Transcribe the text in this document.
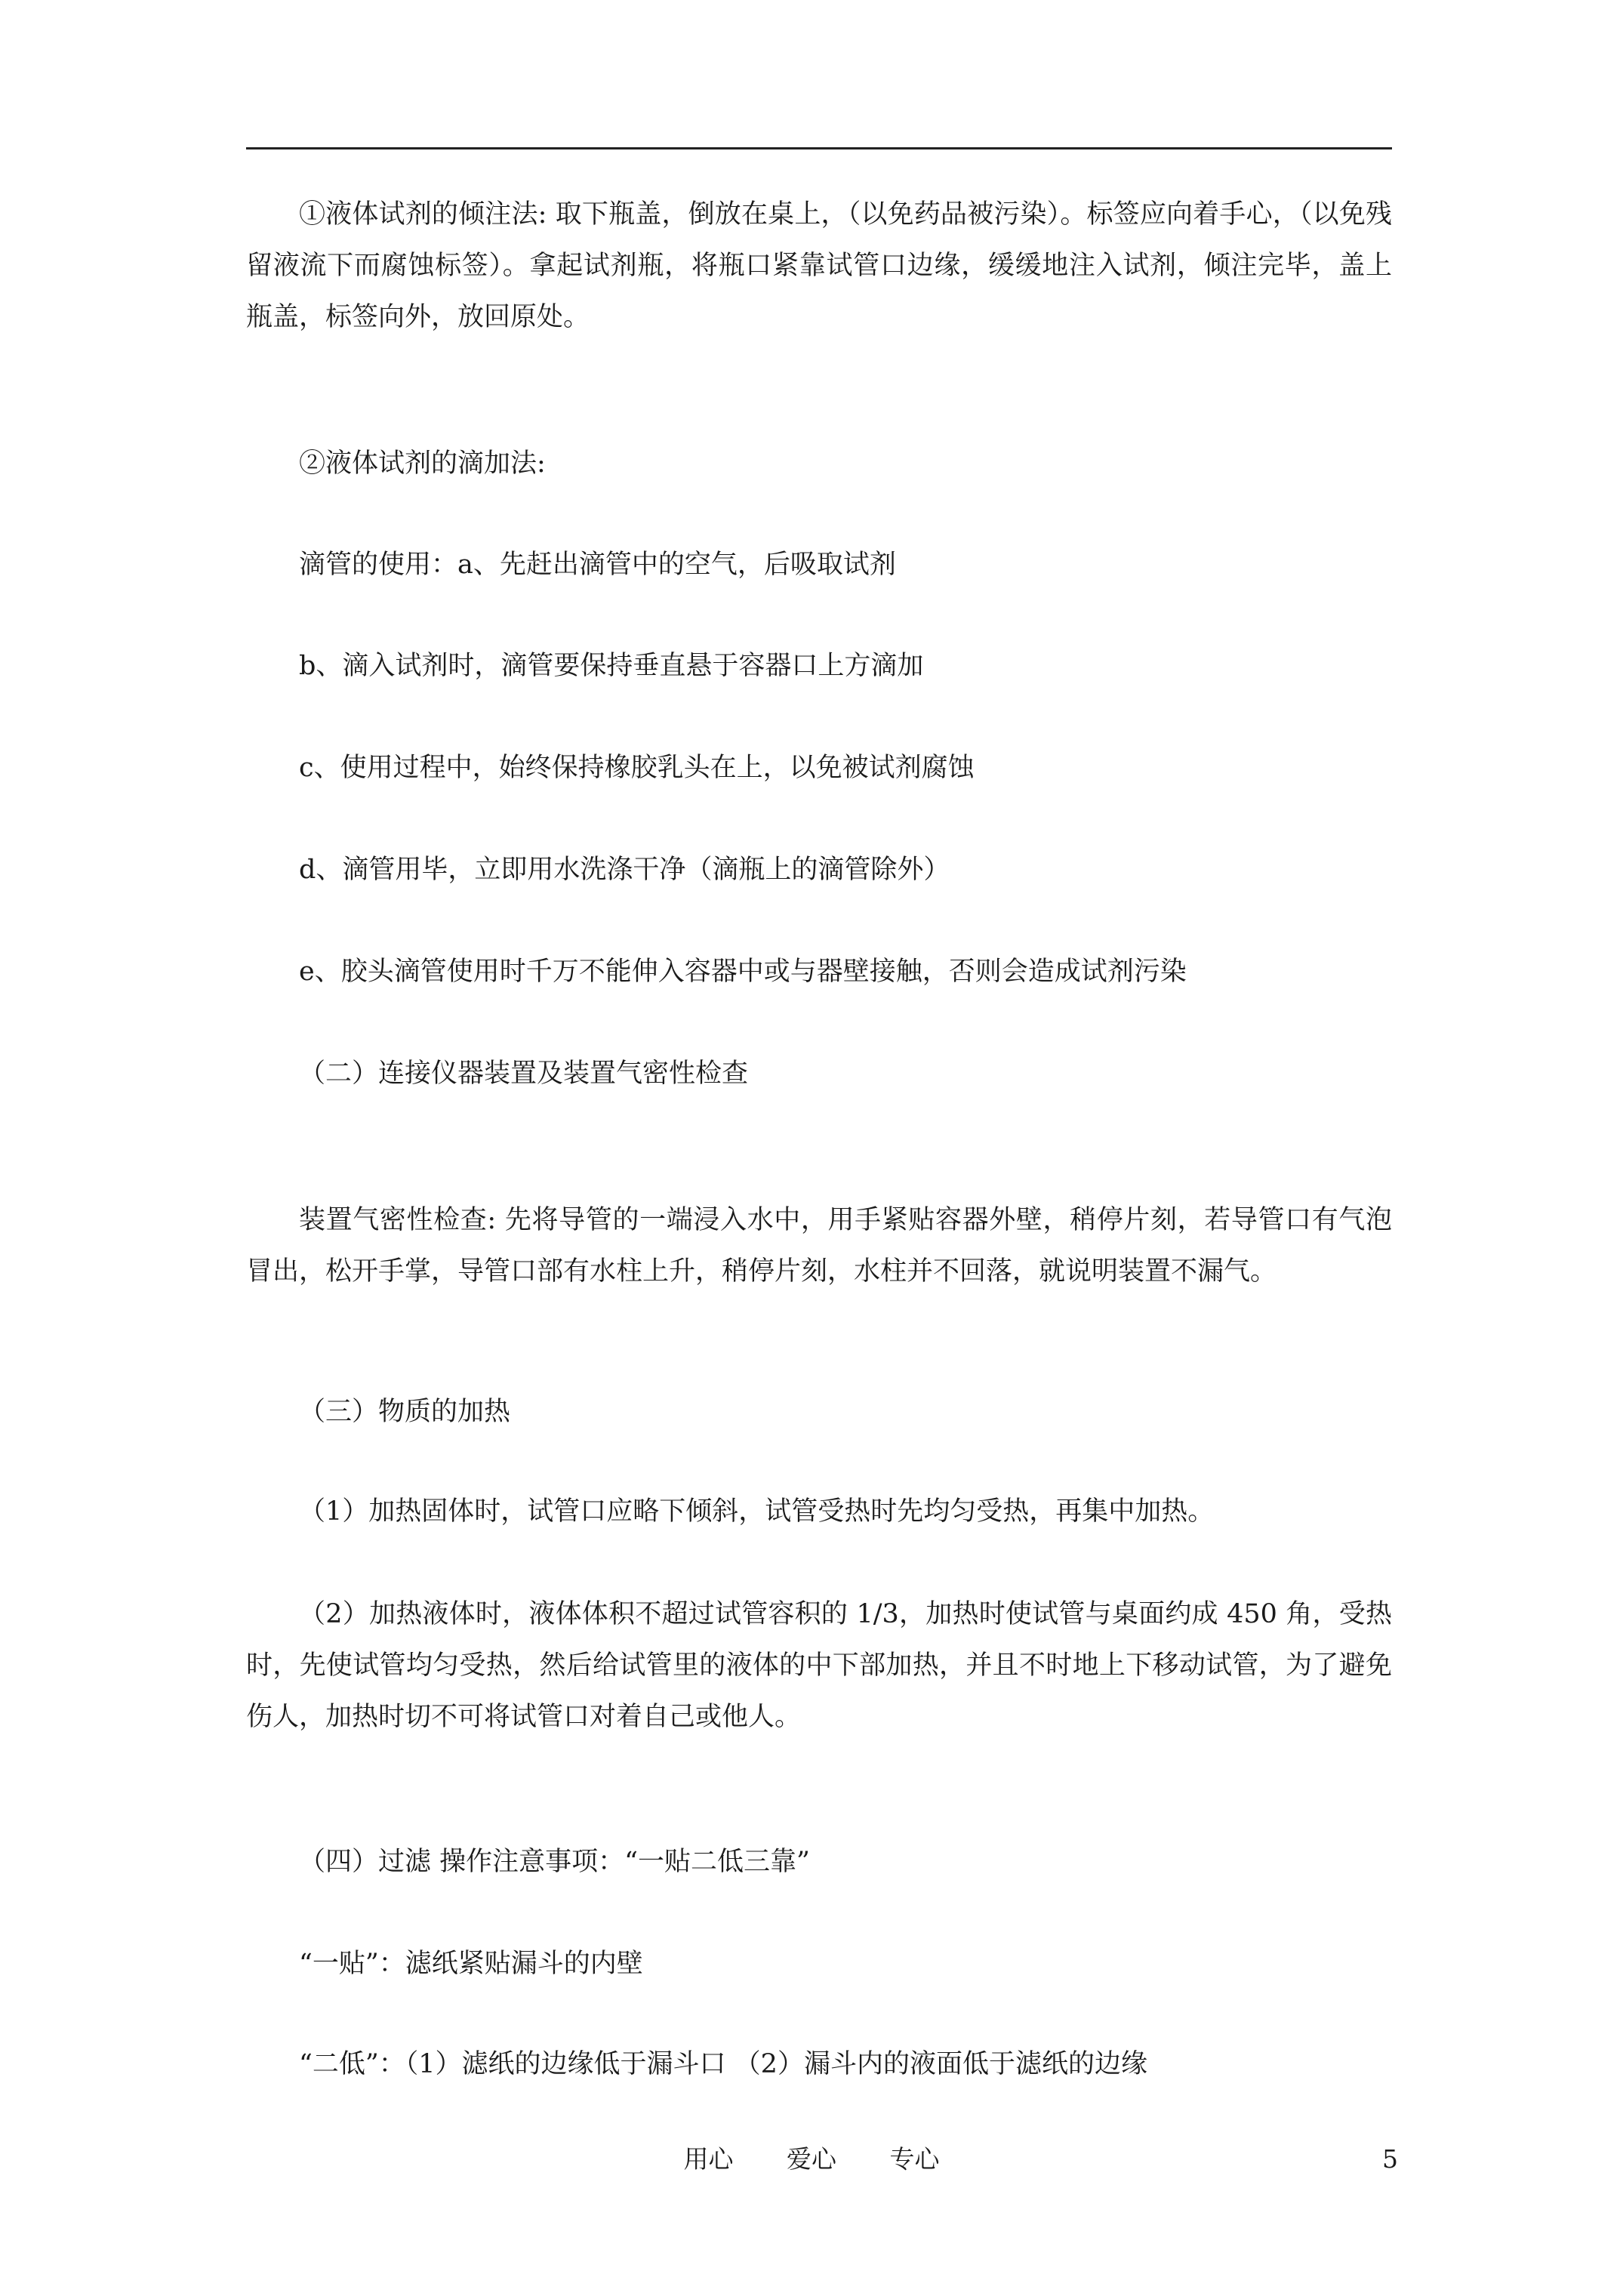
①液体试剂的倾注法: 取下瓶盖，倒放在桌上，（以免药品被污染）。标签应向着手心，（以免残留液流下而腐蚀标签）。拿起试剂瓶，将瓶口紧靠试管口边缘，缓缓地注入试剂，倾注完毕，盖上瓶盖，标签向外，放回原处。

②液体试剂的滴加法:

滴管的使用：a、先赶出滴管中的空气，后吸取试剂

b、滴入试剂时，滴管要保持垂直悬于容器口上方滴加

c、使用过程中，始终保持橡胶乳头在上，以免被试剂腐蚀

d、滴管用毕，立即用水洗涤干净（滴瓶上的滴管除外）

e、胶头滴管使用时千万不能伸入容器中或与器壁接触，否则会造成试剂污染

（二）连接仪器装置及装置气密性检查

装置气密性检查: 先将导管的一端浸入水中，用手紧贴容器外壁，稍停片刻，若导管口有气泡冒出，松开手掌，导管口部有水柱上升，稍停片刻，水柱并不回落，就说明装置不漏气。

（三）物质的加热

（1）加热固体时，试管口应略下倾斜，试管受热时先均匀受热，再集中加热。

（2）加热液体时，液体体积不超过试管容积的 1/3，加热时使试管与桌面约成 450 角，受热时，先使试管均匀受热，然后给试管里的液体的中下部加热，并且不时地上下移动试管，为了避免伤人，加热时切不可将试管口对着自己或他人。

（四）过滤 操作注意事项：“一贴二低三靠”

“一贴”：滤纸紧贴漏斗的内壁

“二低”：（1）滤纸的边缘低于漏斗口 （2）漏斗内的液面低于滤纸的边缘

用心 爱心 专心	5
